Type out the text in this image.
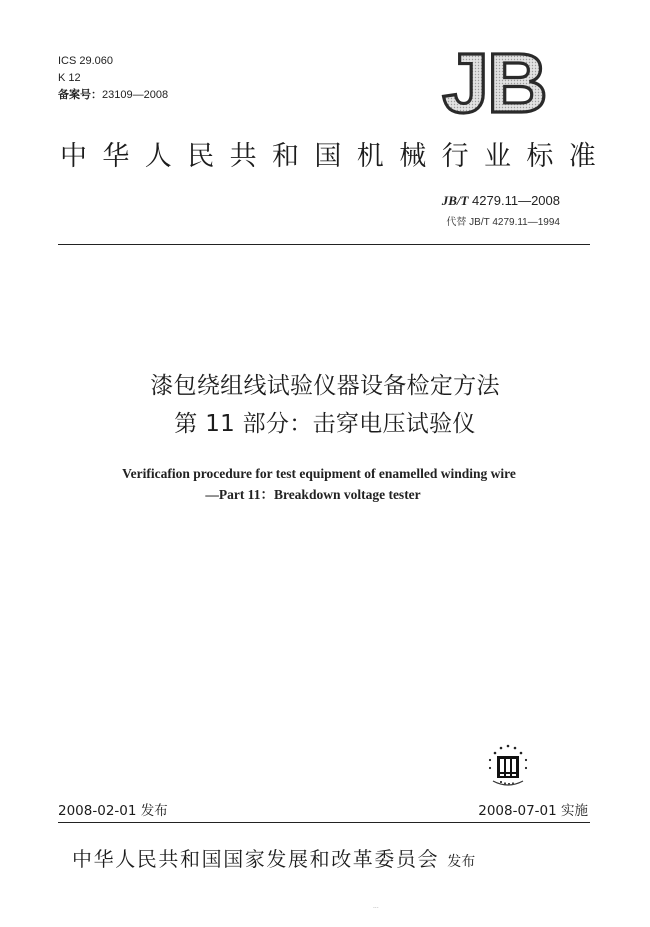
ICS 29.060
K 12
备案号：23109—2008	JB
中华人民共和国机械行业标准
JB/T 4279.11—2008
代替 JB/T 4279.11—1994
漆包绕组线试验仪器设备检定方法
第 11 部分：击穿电压试验仪
Verificafion procedure for test equipment of enamelled winding wire
—Part 11：Breakdown voltage tester
2008-02-01 发布	2008-07-01 实施
中华人民共和国国家发展和改革委员会 发布
...
